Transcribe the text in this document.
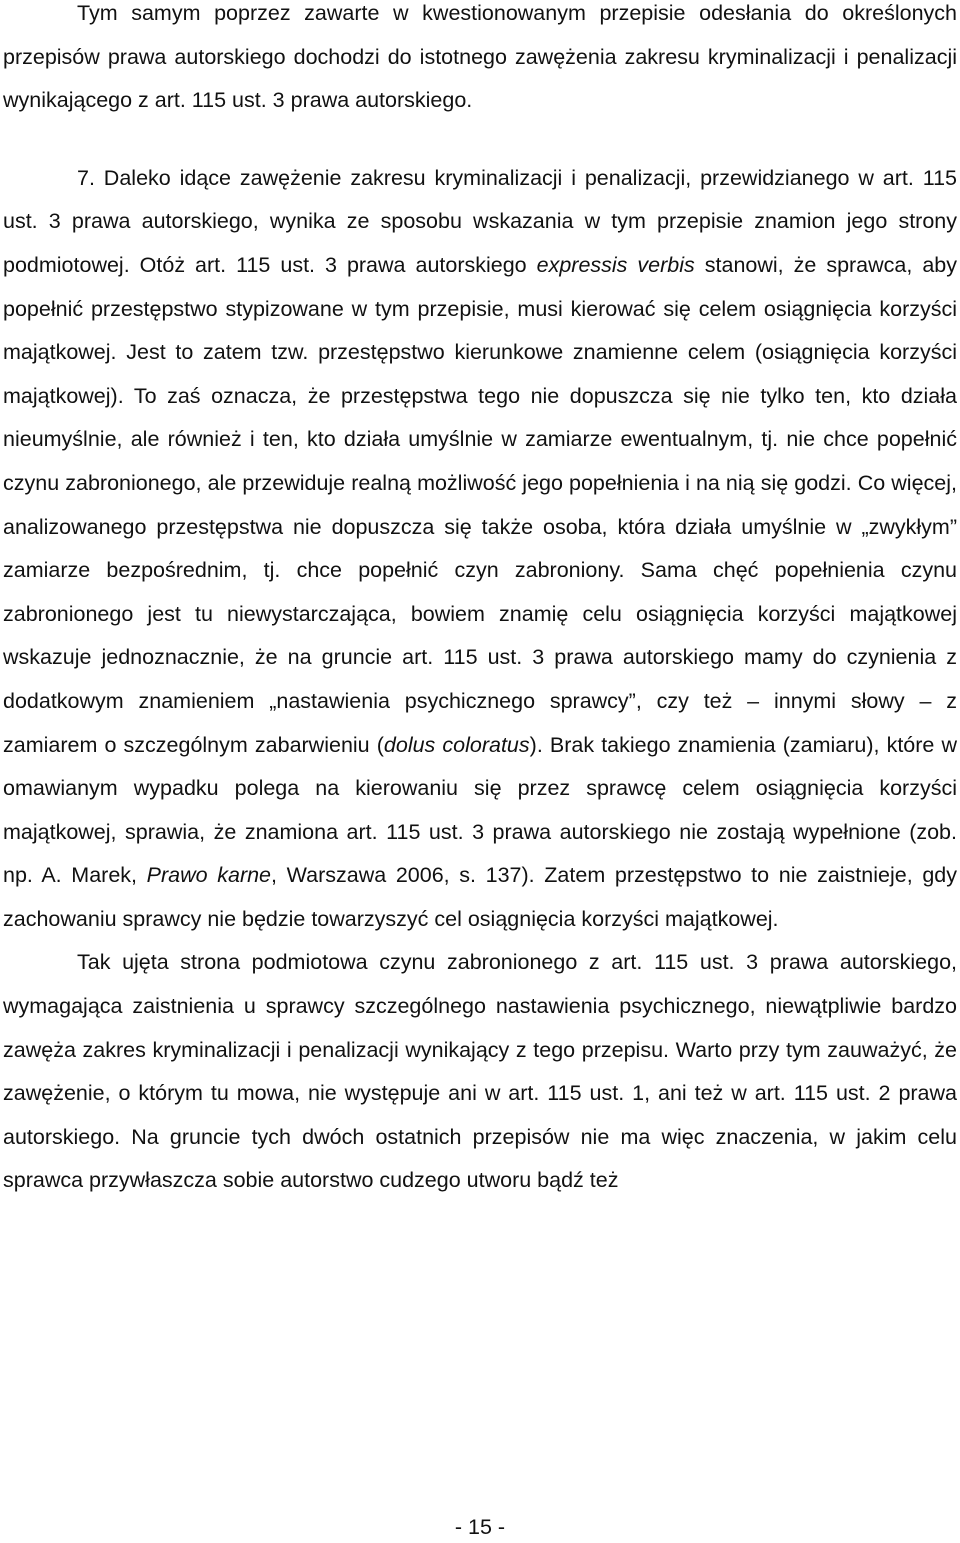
Tym samym poprzez zawarte w kwestionowanym przepisie odesłania do określonych przepisów prawa autorskiego dochodzi do istotnego zawężenia zakresu kryminalizacji i penalizacji wynikającego z art. 115 ust. 3 prawa autorskiego.

7. Daleko idące zawężenie zakresu kryminalizacji i penalizacji, przewidzianego w art. 115 ust. 3 prawa autorskiego, wynika ze sposobu wskazania w tym przepisie znamion jego strony podmiotowej. Otóż art. 115 ust. 3 prawa autorskiego expressis verbis stanowi, że sprawca, aby popełnić przestępstwo stypizowane w tym przepisie, musi kierować się celem osiągnięcia korzyści majątkowej. Jest to zatem tzw. przestępstwo kierunkowe znamienne celem (osiągnięcia korzyści majątkowej). To zaś oznacza, że przestępstwa tego nie dopuszcza się nie tylko ten, kto działa nieumyślnie, ale również i ten, kto działa umyślnie w zamiarze ewentualnym, tj. nie chce popełnić czynu zabronionego, ale przewiduje realną możliwość jego popełnienia i na nią się godzi. Co więcej, analizowanego przestępstwa nie dopuszcza się także osoba, która działa umyślnie w „zwykłym” zamiarze bezpośrednim, tj. chce popełnić czyn zabroniony. Sama chęć popełnienia czynu zabronionego jest tu niewystarczająca, bowiem znamię celu osiągnięcia korzyści majątkowej wskazuje jednoznacznie, że na gruncie art. 115 ust. 3 prawa autorskiego mamy do czynienia z dodatkowym znamieniem „nastawienia psychicznego sprawcy”, czy też – innymi słowy – z zamiarem o szczególnym zabarwieniu (dolus coloratus). Brak takiego znamienia (zamiaru), które w omawianym wypadku polega na kierowaniu się przez sprawcę celem osiągnięcia korzyści majątkowej, sprawia, że znamiona art. 115 ust. 3 prawa autorskiego nie zostają wypełnione (zob. np. A. Marek, Prawo karne, Warszawa 2006, s. 137). Zatem przestępstwo to nie zaistnieje, gdy zachowaniu sprawcy nie będzie towarzyszyć cel osiągnięcia korzyści majątkowej.

Tak ujęta strona podmiotowa czynu zabronionego z art. 115 ust. 3 prawa autorskiego, wymagająca zaistnienia u sprawcy szczególnego nastawienia psychicznego, niewątpliwie bardzo zawęża zakres kryminalizacji i penalizacji wynikający z tego przepisu. Warto przy tym zauważyć, że zawężenie, o którym tu mowa, nie występuje ani w art. 115 ust. 1, ani też w art. 115 ust. 2 prawa autorskiego. Na gruncie tych dwóch ostatnich przepisów nie ma więc znaczenia, w jakim celu sprawca przywłaszcza sobie autorstwo cudzego utworu bądź też

- 15 -
